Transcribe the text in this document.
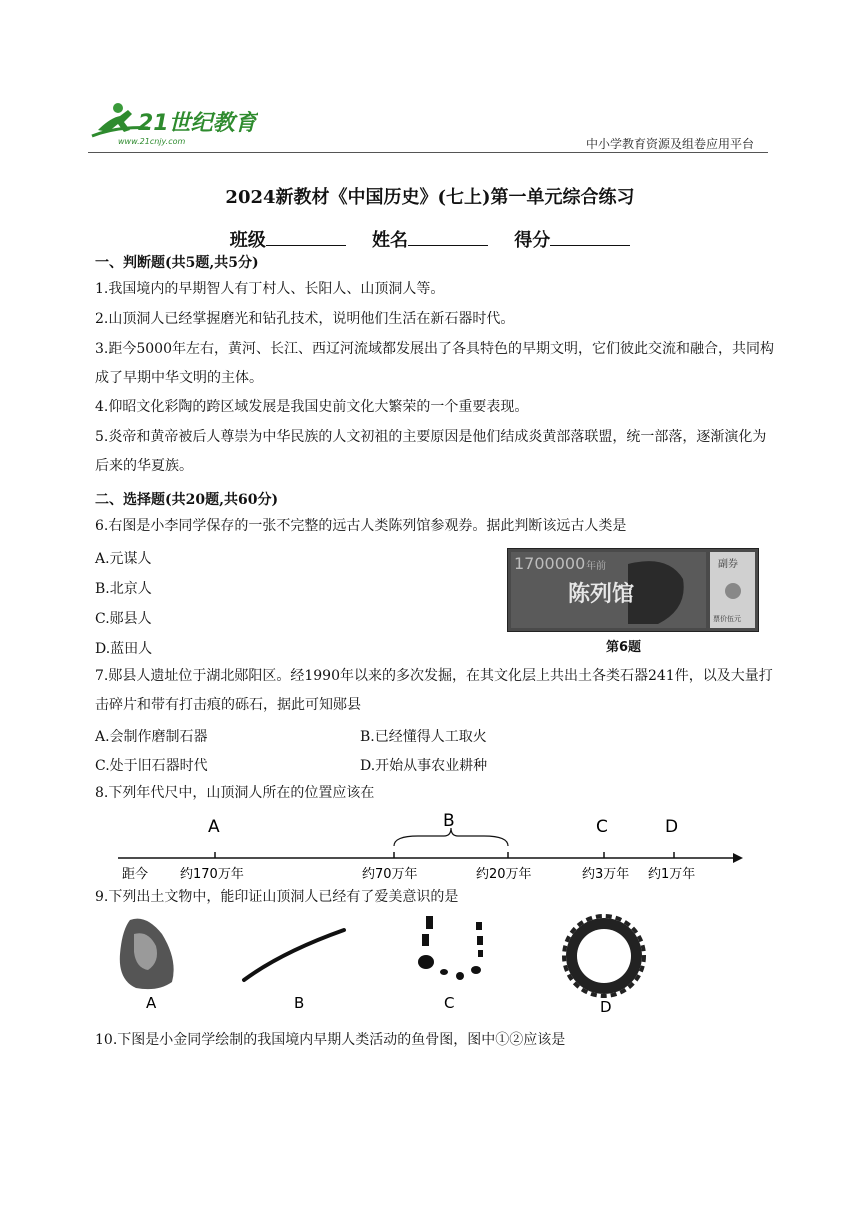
21世纪教育
www.21cnjy.com	中小学教育资源及组卷应用平台
2024新教材《中国历史》(七上)第一单元综合练习
班级	姓名	得分
一、判断题(共5题,共5分)
1.我国境内的早期智人有丁村人、长阳人、山顶洞人等。
2.山顶洞人已经掌握磨光和钻孔技术，说明他们生活在新石器时代。
3.距今5000年左右，黄河、长江、西辽河流域都发展出了各具特色的早期文明，它们彼此交流和融合，共同构成了早期中华文明的主体。
4.仰昭文化彩陶的跨区域发展是我国史前文化大繁荣的一个重要表现。
5.炎帝和黄帝被后人尊崇为中华民族的人文初祖的主要原因是他们结成炎黄部落联盟，统一部落，逐渐演化为后来的华夏族。
二、选择题(共20题,共60分)
6.右图是小李同学保存的一张不完整的远古人类陈列馆参观券。据此判断该远古人类是
A.元谋人
B.北京人
C.郧县人
D.蓝田人
1700000 年前
陈列馆
副券
票价伍元
第6题
7.郧县人遗址位于湖北郧阳区。经1990年以来的多次发掘，在其文化层上共出土各类石器241件，以及大量打击碎片和带有打击痕的砾石，据此可知郧县
A.会制作磨制石器	B.已经懂得人工取火
C.处于旧石器时代	D.开始从事农业耕种
8.下列年代尺中，山顶洞人所在的位置应该在
距今 约170万年	约70万年	约20万年	约3万年 约1万年
A	B	C	D
9.下列出土文物中，能印证山顶洞人已经有了爱美意识的是
A	B	C	D
10.下图是小金同学绘制的我国境内早期人类活动的鱼骨图，图中①②应该是
